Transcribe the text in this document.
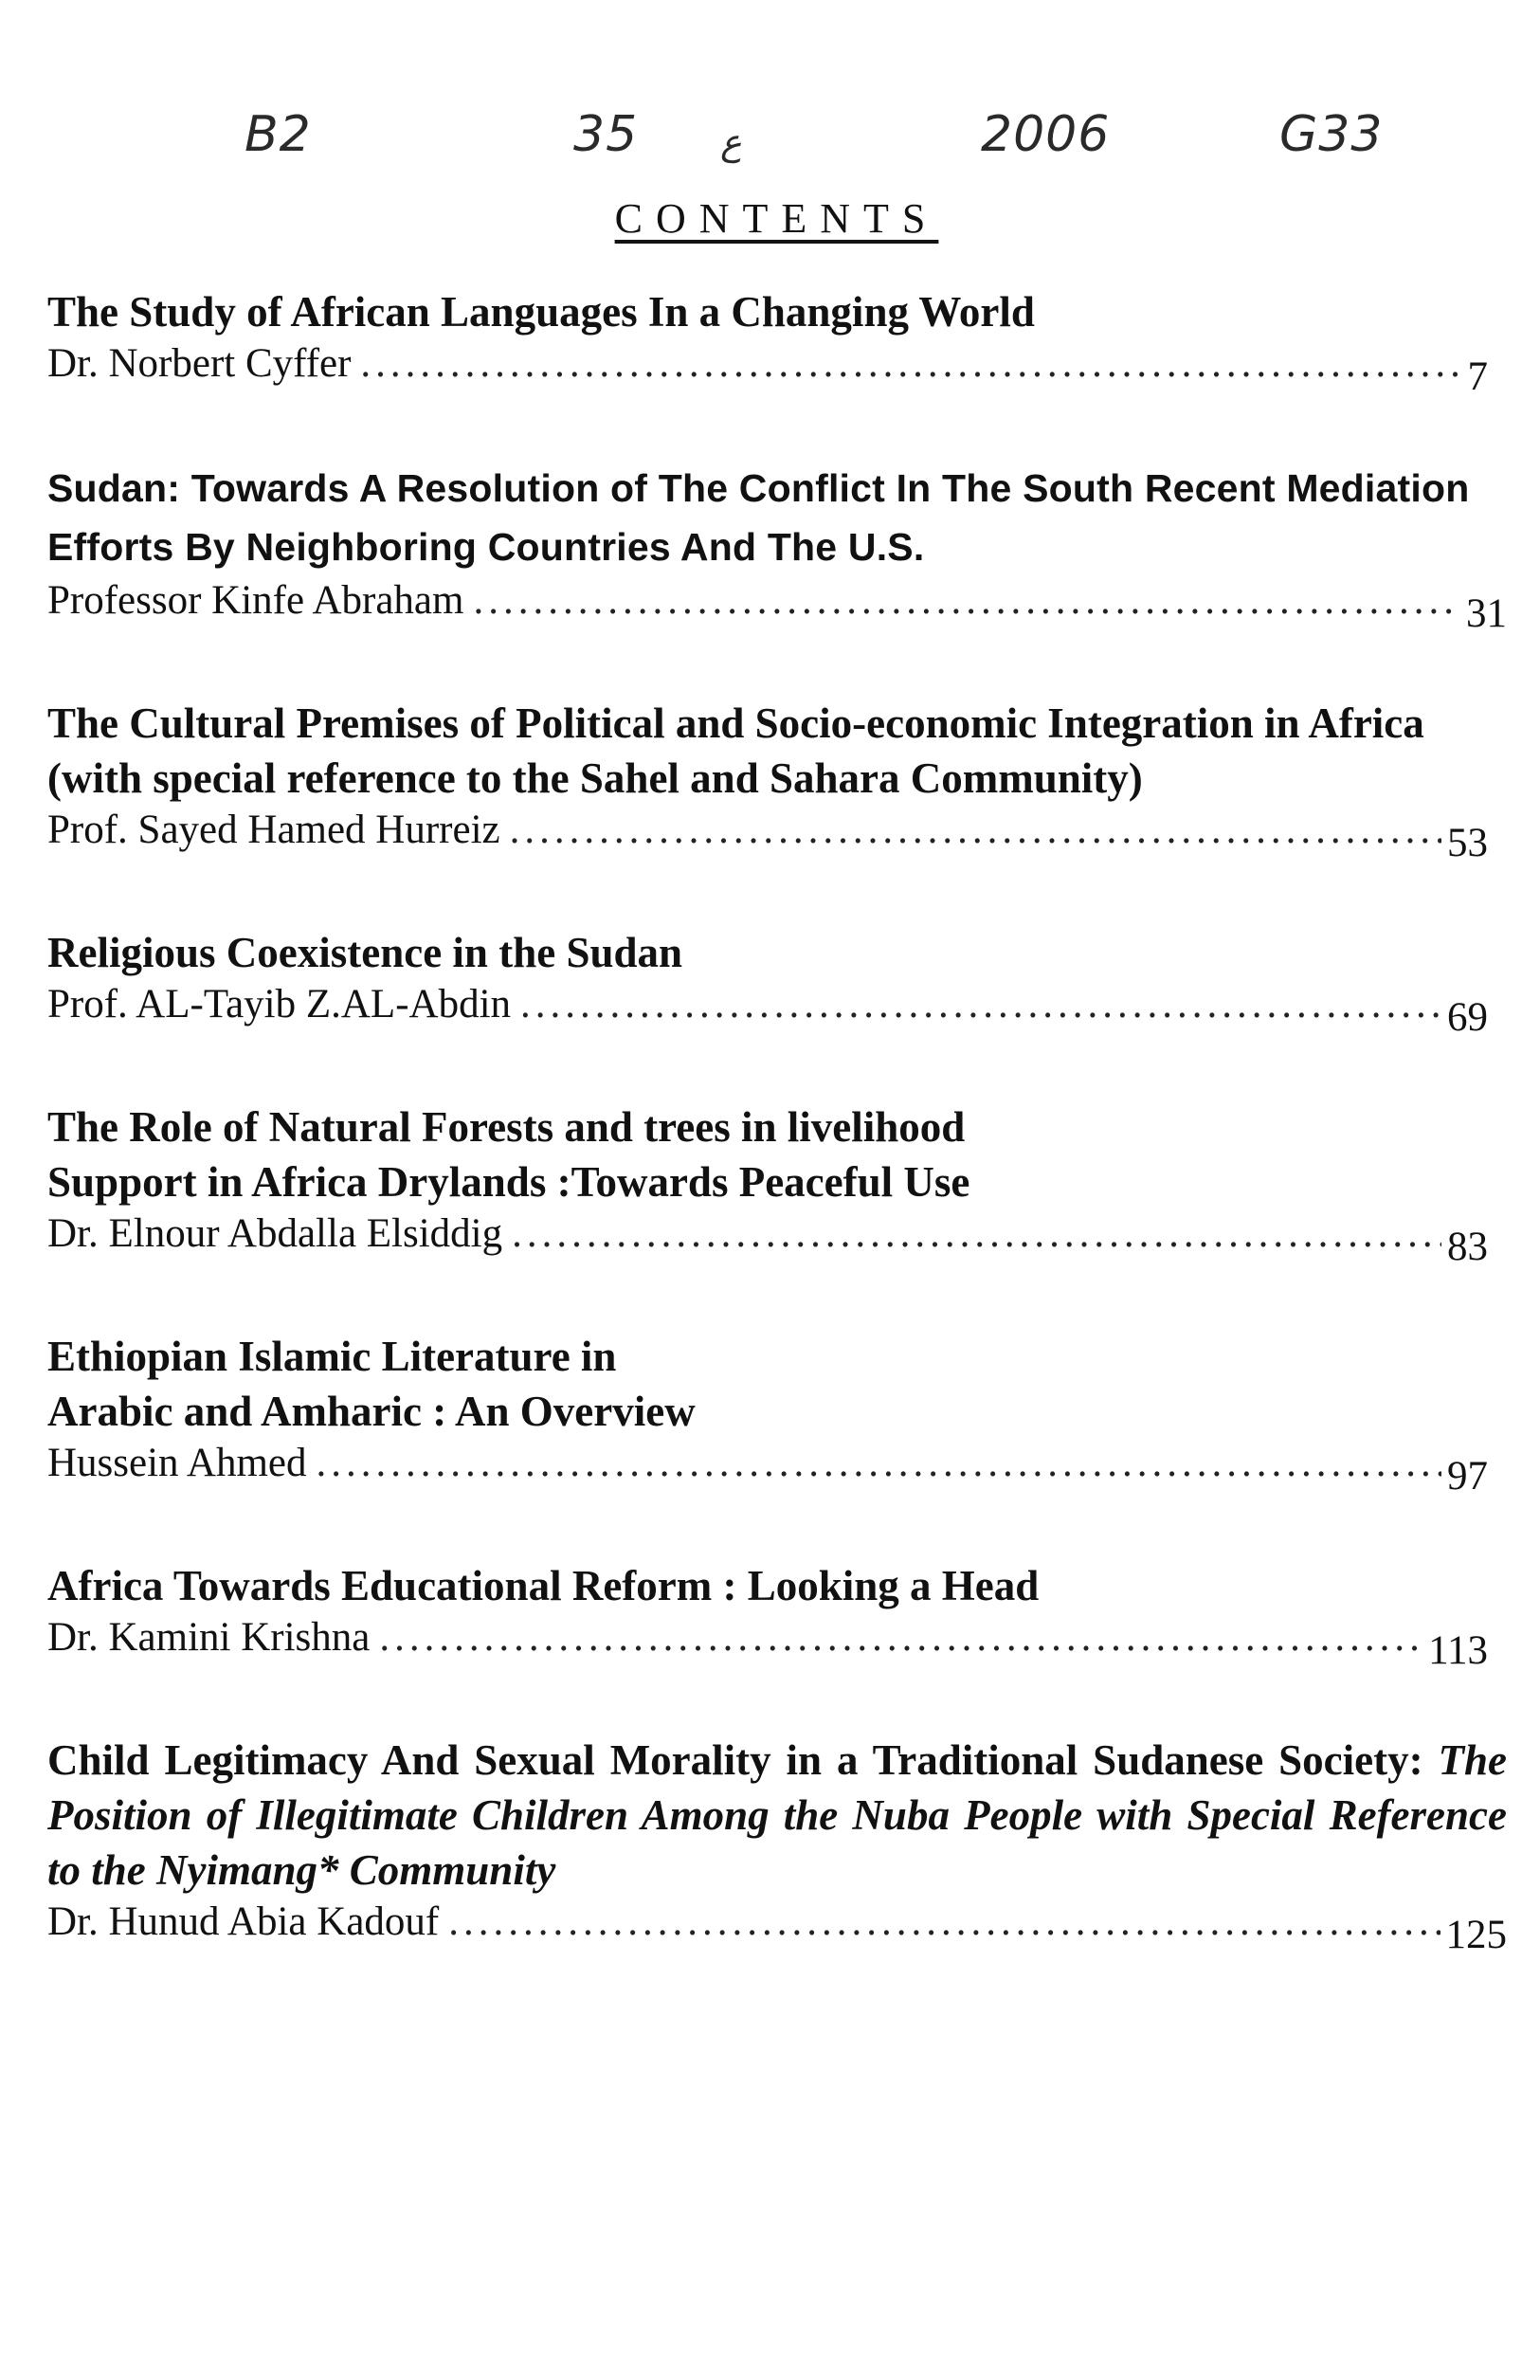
B2	35 ع	2006	G33
CONTENTS
The Study of African Languages In a Changing World
Dr. Norbert Cyffer .....	7
Sudan: Towards A Resolution of The Conflict In The South Recent Mediation Efforts By Neighboring Countries And The U.S.
Professor Kinfe Abraham .....	31
The Cultural Premises of Political and Socio-economic Integration in Africa (with special reference to the Sahel and Sahara Community)
Prof. Sayed Hamed Hurreiz .....	53
Religious Coexistence in the Sudan
Prof. AL-Tayib Z.AL-Abdin .....	69
The Role of Natural Forests and trees in livelihood
Support in Africa Drylands :Towards Peaceful Use
Dr. Elnour Abdalla Elsiddig .....	83
Ethiopian Islamic Literature in
Arabic and Amharic : An Overview
Hussein Ahmed .....	97
Africa Towards Educational Reform : Looking a Head
Dr. Kamini Krishna .....	113
Child Legitimacy And Sexual Morality in a Traditional Sudanese Society: The Position of Illegitimate Children Among the Nuba People with Special Reference to the Nyimang* Community
Dr. Hunud Abia Kadouf .....	125
